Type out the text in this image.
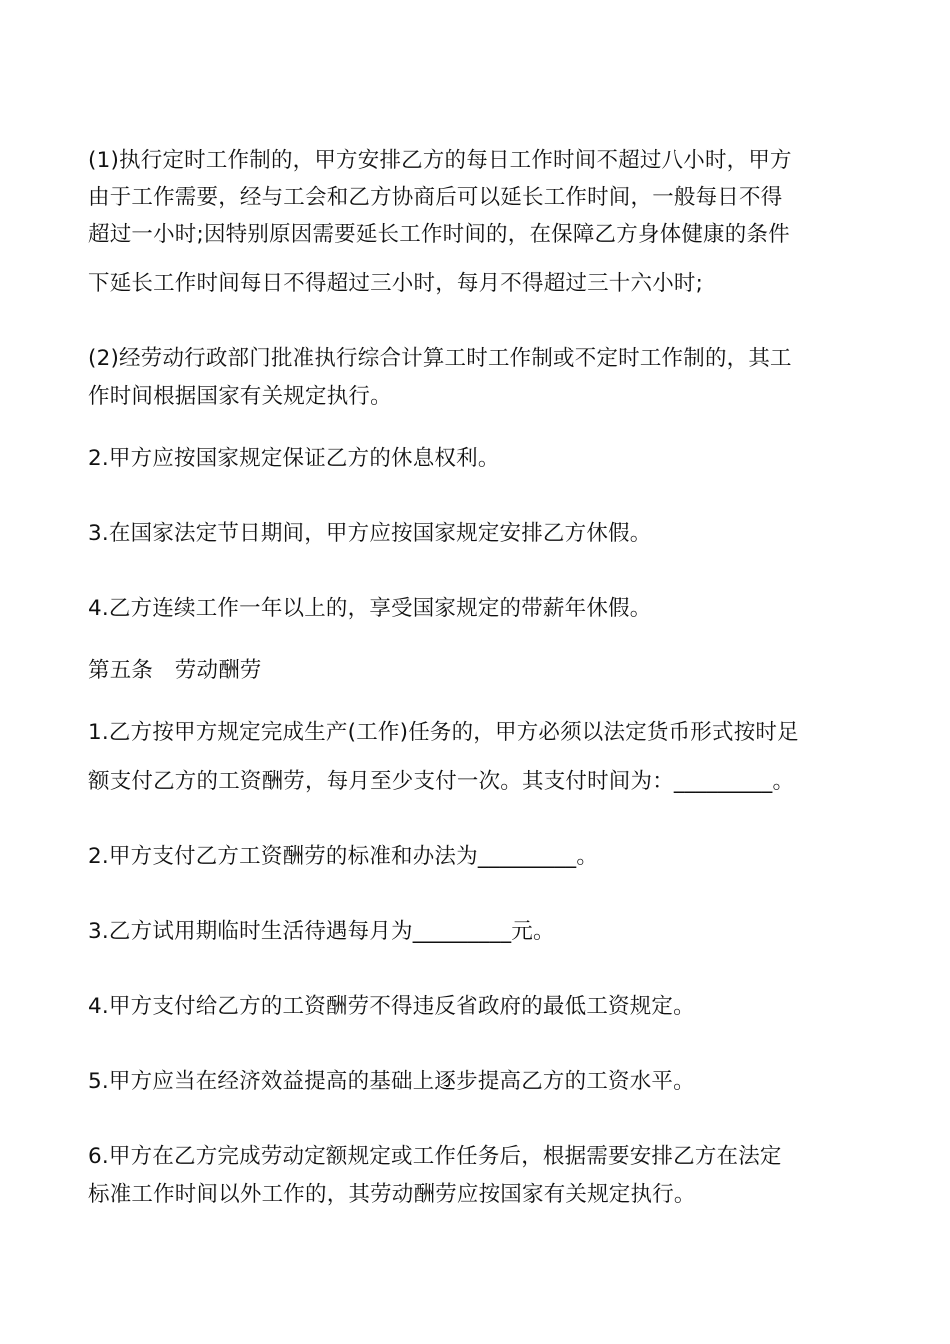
(1)执行定时工作制的，甲方安排乙方的每日工作时间不超过八小时，甲方
由于工作需要，经与工会和乙方协商后可以延长工作时间，一般每日不得
超过一小时;因特别原因需要延长工作时间的，在保障乙方身体健康的条件
下延长工作时间每日不得超过三小时，每月不得超过三十六小时;
(2)经劳动行政部门批准执行综合计算工时工作制或不定时工作制的，其工
作时间根据国家有关规定执行。
2.甲方应按国家规定保证乙方的休息权利。
3.在国家法定节日期间，甲方应按国家规定安排乙方休假。
4.乙方连续工作一年以上的，享受国家规定的带薪年休假。
第五条　劳动酬劳
1.乙方按甲方规定完成生产(工作)任务的，甲方必须以法定货币形式按时足
额支付乙方的工资酬劳，每月至少支付一次。其支付时间为：_________。
2.甲方支付乙方工资酬劳的标准和办法为_________。
3.乙方试用期临时生活待遇每月为_________元。
4.甲方支付给乙方的工资酬劳不得违反省政府的最低工资规定。
5.甲方应当在经济效益提高的基础上逐步提高乙方的工资水平。
6.甲方在乙方完成劳动定额规定或工作任务后，根据需要安排乙方在法定
标准工作时间以外工作的，其劳动酬劳应按国家有关规定执行。
